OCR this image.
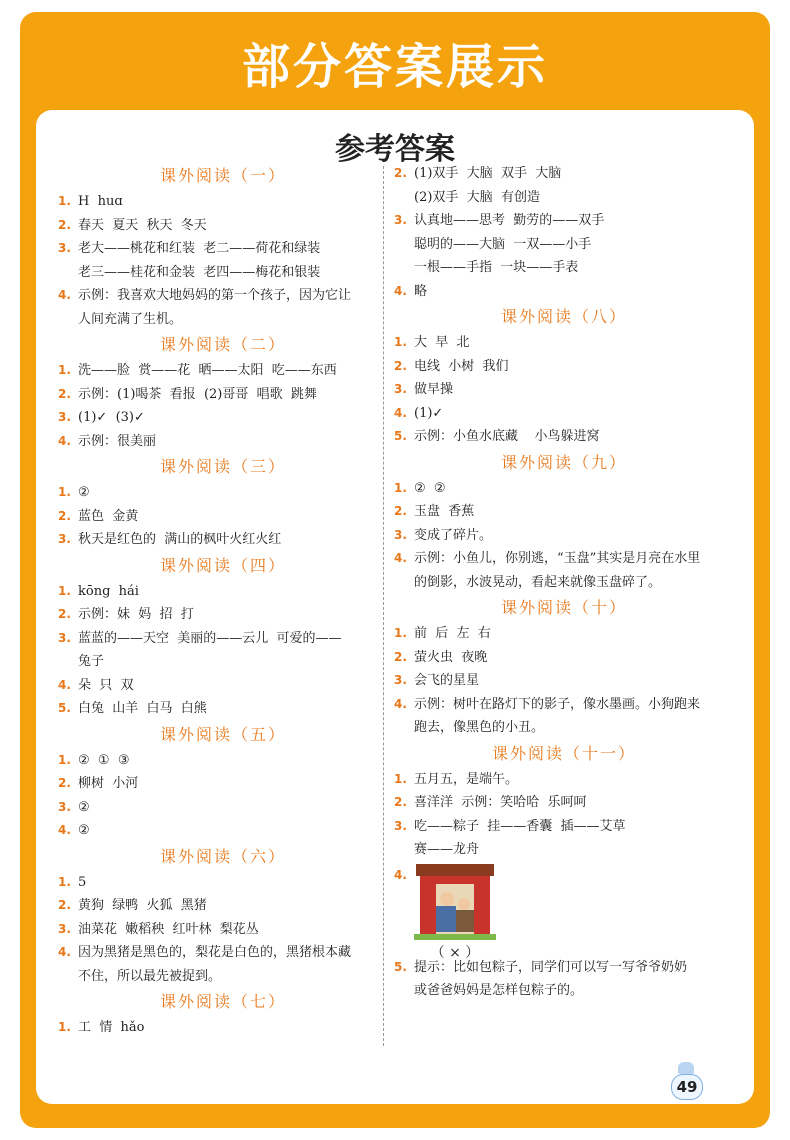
部分答案展示
参考答案
课外阅读（一）
1. H  huɑ
2. 春天  夏天  秋天  冬天
3. 老大——桃花和红装  老二——荷花和绿装
老三——桂花和金装  老四——梅花和银装
4. 示例：我喜欢大地妈妈的第一个孩子，因为它让
人间充满了生机。
课外阅读（二）
1. 洗——脸  赏——花  晒——太阳  吃——东西
2. 示例：(1)喝茶  看报  (2)哥哥  唱歌  跳舞
3. (1)✓  (3)✓
4. 示例：很美丽
课外阅读（三）
1. ②
2. 蓝色  金黄
3. 秋天是红色的  满山的枫叶火红火红
课外阅读（四）
1. kōng  hái
2. 示例：妹  妈  招  打
3. 蓝蓝的——天空  美丽的——云儿  可爱的——
兔子
4. 朵  只  双
5. 白兔  山羊  白马  白熊
课外阅读（五）
1. ②  ①  ③
2. 柳树  小河
3. ②
4. ②
课外阅读（六）
1. 5
2. 黄狗  绿鸭  火狐  黑猪
3. 油菜花  嫩稻秧  红叶林  梨花丛
4. 因为黑猪是黑色的，梨花是白色的，黑猪根本藏
不住，所以最先被捉到。
课外阅读（七）
1. 工  情  hǎo
2. (1)双手  大脑  双手  大脑
(2)双手  大脑  有创造
3. 认真地——思考  勤劳的——双手
聪明的——大脑  一双——小手
一根——手指  一块——手表
4. 略
课外阅读（八）
1. 大  早  北
2. 电线  小树  我们
3. 做早操
4. (1)✓
5. 示例：小鱼水底藏    小鸟躲进窝
课外阅读（九）
1. ②  ②
2. 玉盘  香蕉
3. 变成了碎片。
4. 示例：小鱼儿，你别逃，“玉盘”其实是月亮在水里
的倒影，水波晃动，看起来就像玉盘碎了。
课外阅读（十）
1. 前  后  左  右
2. 萤火虫  夜晚
3. 会飞的星星
4. 示例：树叶在路灯下的影子，像水墨画。小狗跑来
跑去，像黑色的小丑。
课外阅读（十一）
1. 五月五，是端午。
2. 喜洋洋  示例：笑哈哈  乐呵呵
3. 吃——粽子  挂——香囊  插——艾草
赛——龙舟
4.
（ × ）
5. 提示：比如包粽子，同学们可以写一写爷爷奶奶
或爸爸妈妈是怎样包粽子的。
49
